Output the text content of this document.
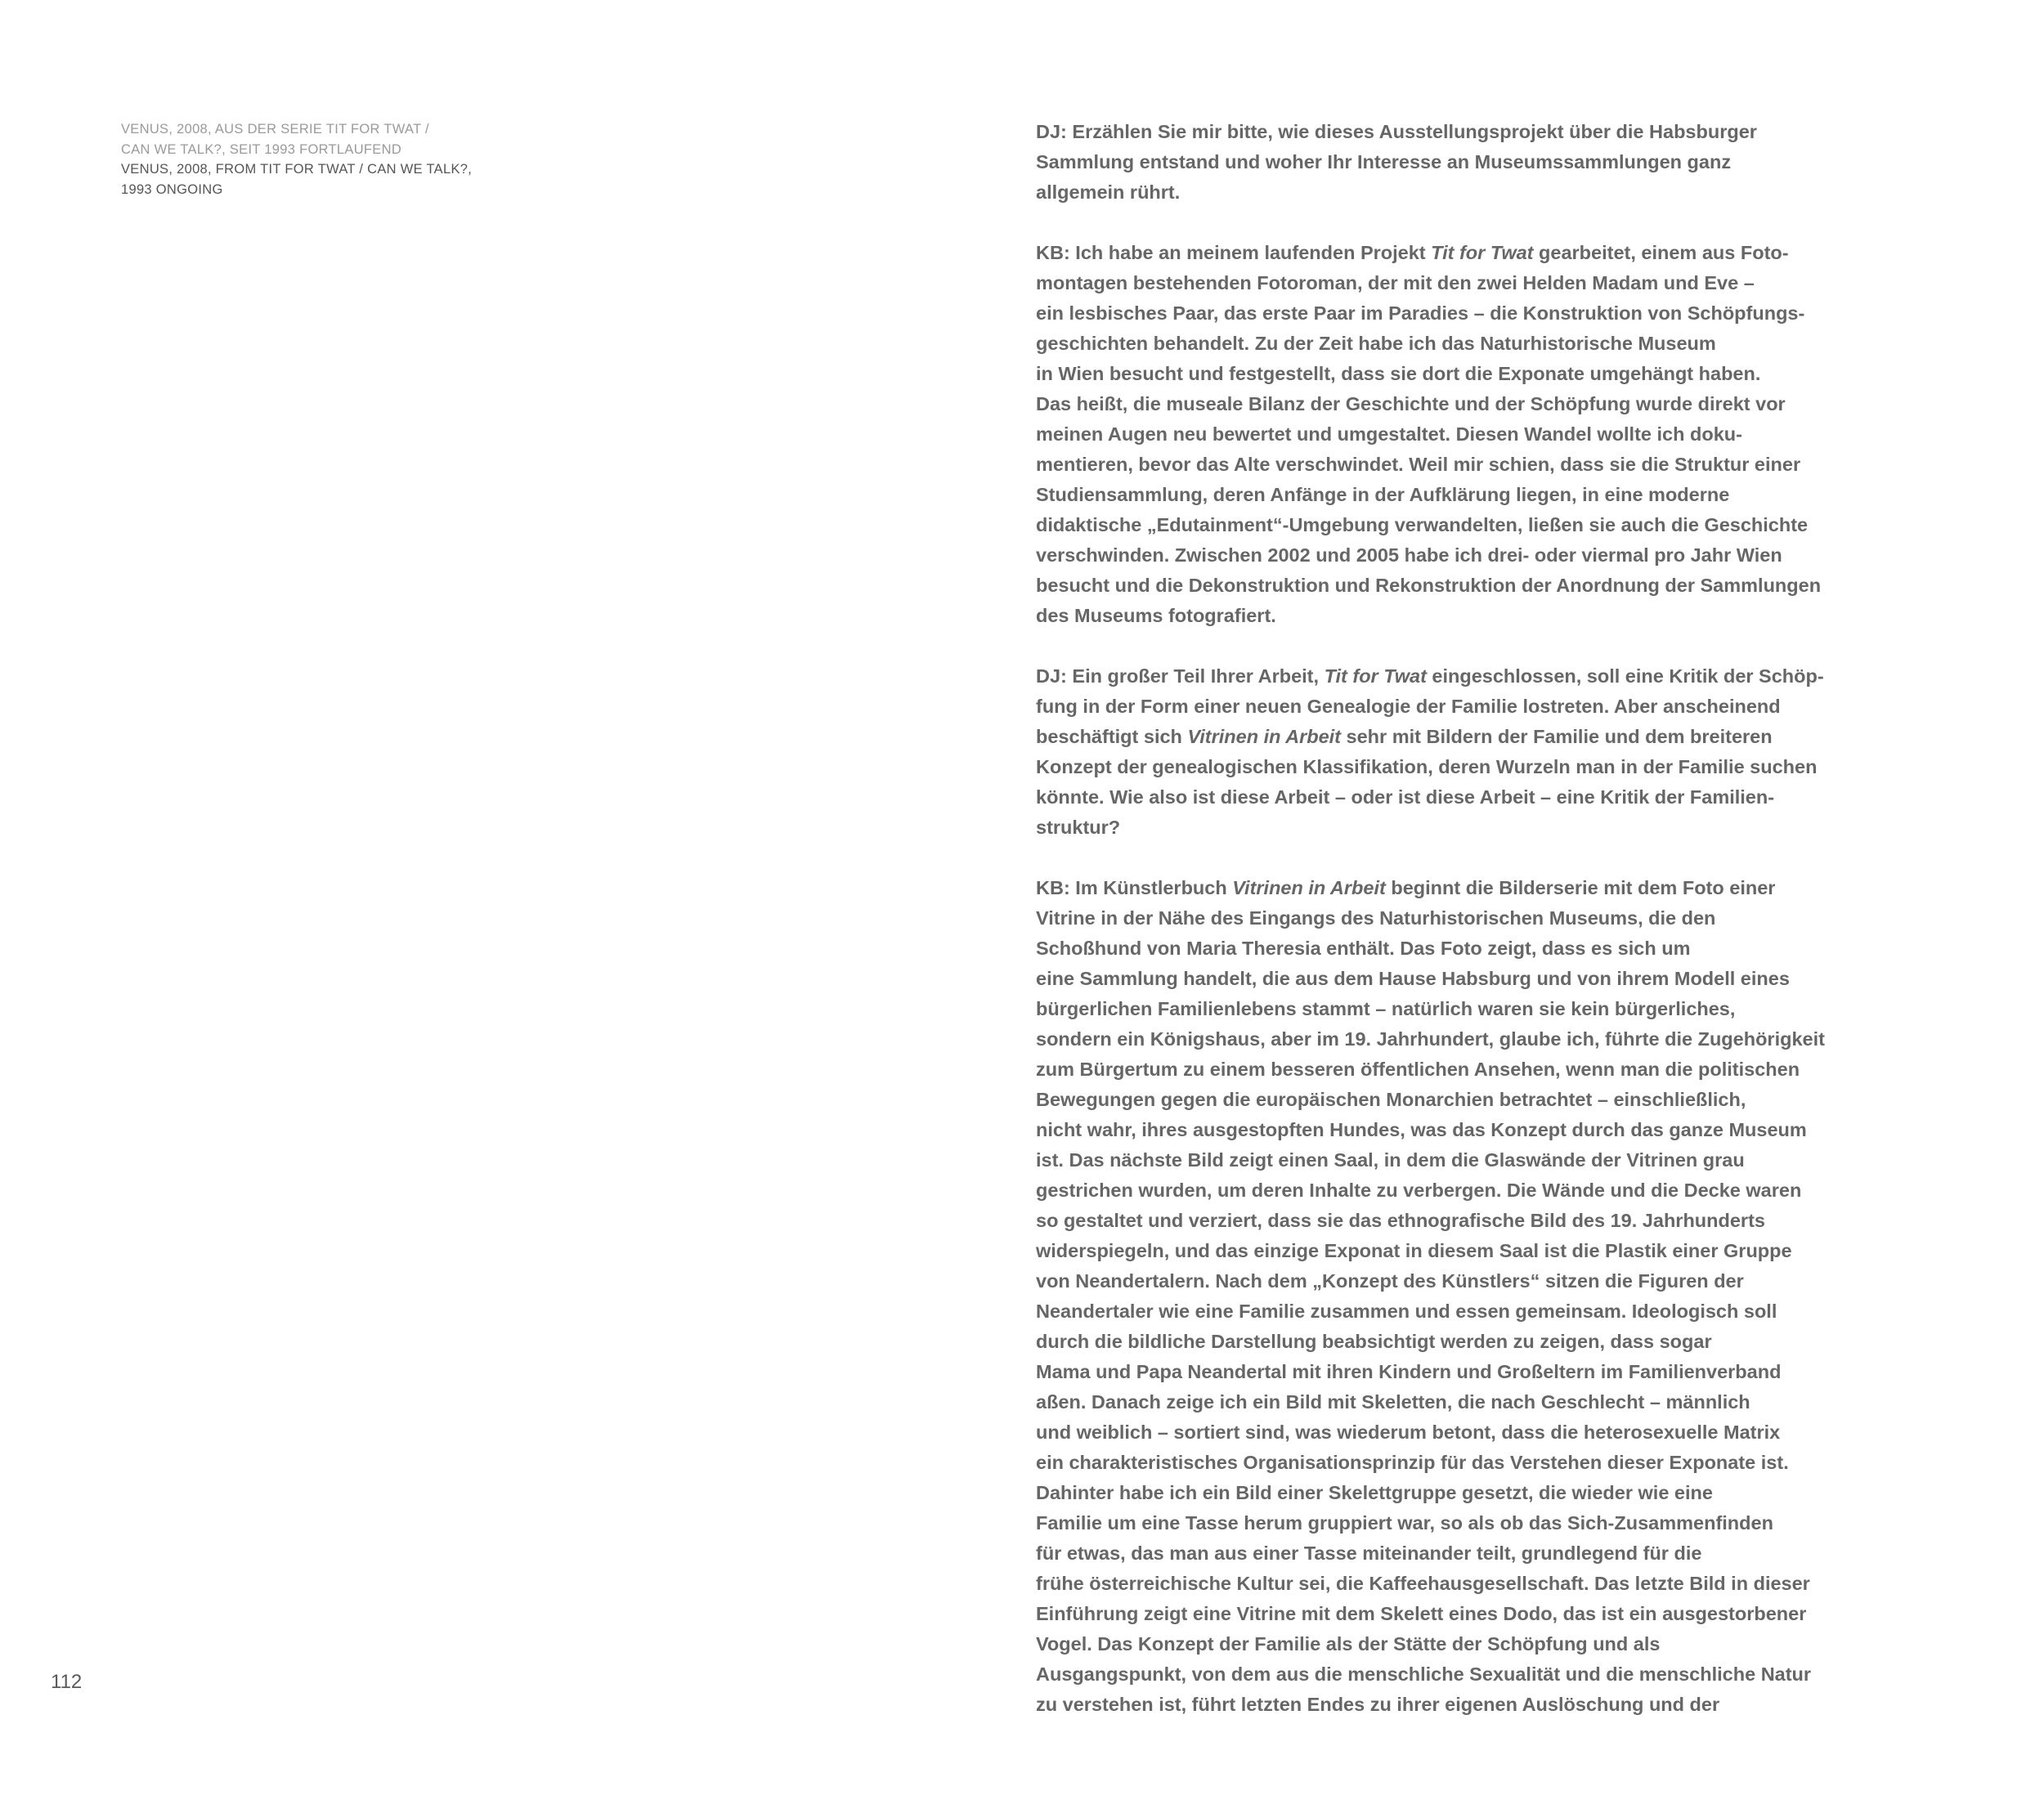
VENUS, 2008, AUS DER SERIE TIT FOR TWAT /
CAN WE TALK?, SEIT 1993 FORTLAUFEND
VENUS, 2008, FROM TIT FOR TWAT / CAN WE TALK?,
1993 ONGOING
112
DJ: Erzählen Sie mir bitte, wie dieses Ausstellungsprojekt über die Habsburger
Sammlung entstand und woher Ihr Interesse an Museumssammlungen ganz
allgemein rührt.
KB: Ich habe an meinem laufenden Projekt Tit for Twat gearbeitet, einem aus Foto-
montagen bestehenden Fotoroman, der mit den zwei Helden Madam und Eve –
ein lesbisches Paar, das erste Paar im Paradies – die Konstruktion von Schöpfungs-
geschichten behandelt. Zu der Zeit habe ich das Naturhistorische Museum
in Wien besucht und festgestellt, dass sie dort die Exponate umgehängt haben.
Das heißt, die museale Bilanz der Geschichte und der Schöpfung wurde direkt vor
meinen Augen neu bewertet und umgestaltet. Diesen Wandel wollte ich doku-
mentieren, bevor das Alte verschwindet. Weil mir schien, dass sie die Struktur einer
Studiensammlung, deren Anfänge in der Aufklärung liegen, in eine moderne
didaktische „Edutainment“-Umgebung verwandelten, ließen sie auch die Geschichte
verschwinden. Zwischen 2002 und 2005 habe ich drei- oder viermal pro Jahr Wien
besucht und die Dekonstruktion und Rekonstruktion der Anordnung der Sammlungen
des Museums fotografiert.
DJ: Ein großer Teil Ihrer Arbeit, Tit for Twat eingeschlossen, soll eine Kritik der Schöp-
fung in der Form einer neuen Genealogie der Familie lostreten. Aber anscheinend
beschäftigt sich Vitrinen in Arbeit sehr mit Bildern der Familie und dem breiteren
Konzept der genealogischen Klassifikation, deren Wurzeln man in der Familie suchen
könnte. Wie also ist diese Arbeit – oder ist diese Arbeit – eine Kritik der Familien-
struktur?
KB: Im Künstlerbuch Vitrinen in Arbeit beginnt die Bilderserie mit dem Foto einer
Vitrine in der Nähe des Eingangs des Naturhistorischen Museums, die den
Schoßhund von Maria Theresia enthält. Das Foto zeigt, dass es sich um
eine Sammlung handelt, die aus dem Hause Habsburg und von ihrem Modell eines
bürgerlichen Familienlebens stammt – natürlich waren sie kein bürgerliches,
sondern ein Königshaus, aber im 19. Jahrhundert, glaube ich, führte die Zugehörigkeit
zum Bürgertum zu einem besseren öffentlichen Ansehen, wenn man die politischen
Bewegungen gegen die europäischen Monarchien betrachtet – einschließlich,
nicht wahr, ihres ausgestopften Hundes, was das Konzept durch das ganze Museum
ist. Das nächste Bild zeigt einen Saal, in dem die Glaswände der Vitrinen grau
gestrichen wurden, um deren Inhalte zu verbergen. Die Wände und die Decke waren
so gestaltet und verziert, dass sie das ethnografische Bild des 19. Jahrhunderts
widerspiegeln, und das einzige Exponat in diesem Saal ist die Plastik einer Gruppe
von Neandertalern. Nach dem „Konzept des Künstlers“ sitzen die Figuren der
Neandertaler wie eine Familie zusammen und essen gemeinsam. Ideologisch soll
durch die bildliche Darstellung beabsichtigt werden zu zeigen, dass sogar
Mama und Papa Neandertal mit ihren Kindern und Großeltern im Familienverband
aßen. Danach zeige ich ein Bild mit Skeletten, die nach Geschlecht – männlich
und weiblich – sortiert sind, was wiederum betont, dass die heterosexuelle Matrix
ein charakteristisches Organisationsprinzip für das Verstehen dieser Exponate ist.
Dahinter habe ich ein Bild einer Skelettgruppe gesetzt, die wieder wie eine
Familie um eine Tasse herum gruppiert war, so als ob das Sich-Zusammenfinden
für etwas, das man aus einer Tasse miteinander teilt, grundlegend für die
frühe österreichische Kultur sei, die Kaffeehausgesellschaft. Das letzte Bild in dieser
Einführung zeigt eine Vitrine mit dem Skelett eines Dodo, das ist ein ausgestorbener
Vogel. Das Konzept der Familie als der Stätte der Schöpfung und als
Ausgangspunkt, von dem aus die menschliche Sexualität und die menschliche Natur
zu verstehen ist, führt letzten Endes zu ihrer eigenen Auslöschung und der
